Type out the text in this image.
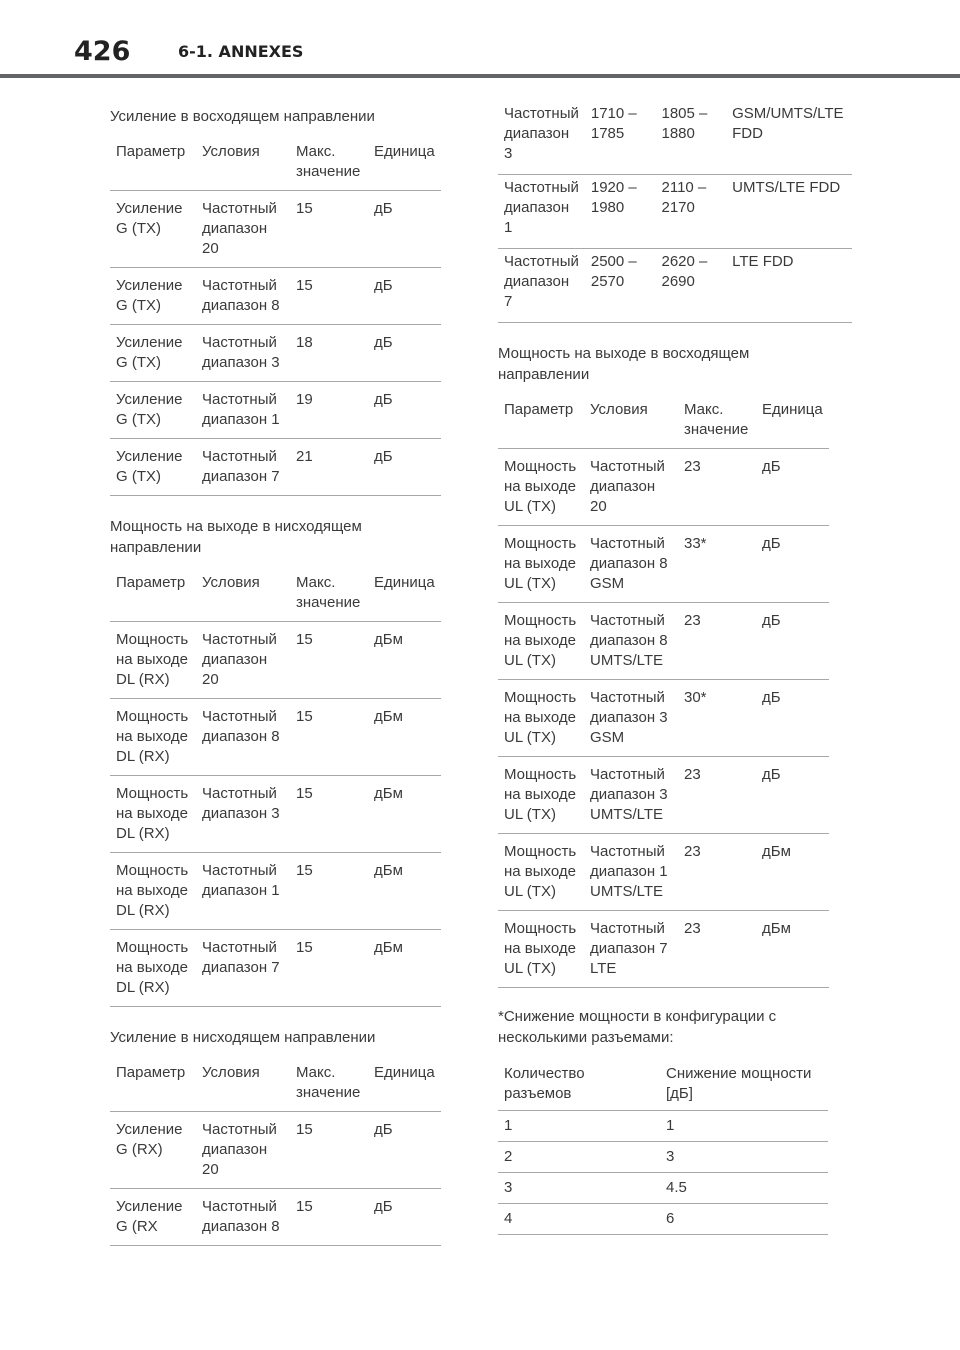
426	6-1. ANNEXES
Усиление в восходящем направлении
Параметр	Условия	Макс. значение	Единица
Усиление G (TX)	Частотный диапазон 20	15	дБ
Усиление G (TX)	Частотный диапазон 8	15	дБ
Усиление G (TX)	Частотный диапазон 3	18	дБ
Усиление G (TX)	Частотный диапазон 1	19	дБ
Усиление G (TX)	Частотный диапазон 7	21	дБ
Мощность на выходе в нисходящем направлении
Параметр	Условия	Макс. значение	Единица
Мощность на выходе DL (RX)	Частотный диапазон 20	15	дБм
Мощность на выходе DL (RX)	Частотный диапазон 8	15	дБм
Мощность на выходе DL (RX)	Частотный диапазон 3	15	дБм
Мощность на выходе DL (RX)	Частотный диапазон 1	15	дБм
Мощность на выходе DL (RX)	Частотный диапазон 7	15	дБм
Усиление в нисходящем направлении
Параметр	Условия	Макс. значение	Единица
Усиление G (RX)	Частотный диапазон 20	15	дБ
Усиление G (RX	Частотный диапазон 8	15	дБ
Частотный диапазон 3	1710 – 1785	1805 – 1880	GSM/UMTS/LTE FDD
Частотный диапазон 1	1920 – 1980	2110 – 2170	UMTS/LTE FDD
Частотный диапазон 7	2500 – 2570	2620 – 2690	LTE FDD
Мощность на выходе в восходящем направлении
Параметр	Условия	Макс. значение	Единица
Мощность на выходе UL (TX)	Частотный диапазон 20	23	дБ
Мощность на выходе UL (TX)	Частотный диапазон 8 GSM	33*	дБ
Мощность на выходе UL (TX)	Частотный диапазон 8 UMTS/LTE	23	дБ
Мощность на выходе UL (TX)	Частотный диапазон 3 GSM	30*	дБ
Мощность на выходе UL (TX)	Частотный диапазон 3 UMTS/LTE	23	дБ
Мощность на выходе UL (TX)	Частотный диапазон 1 UMTS/LTE	23	дБм
Мощность на выходе UL (TX)	Частотный диапазон 7 LTE	23	дБм
*Снижение мощности в конфигурации с несколькими разъемами:
Количество разъемов	Снижение мощности [дБ]
1	1
2	3
3	4.5
4	6
